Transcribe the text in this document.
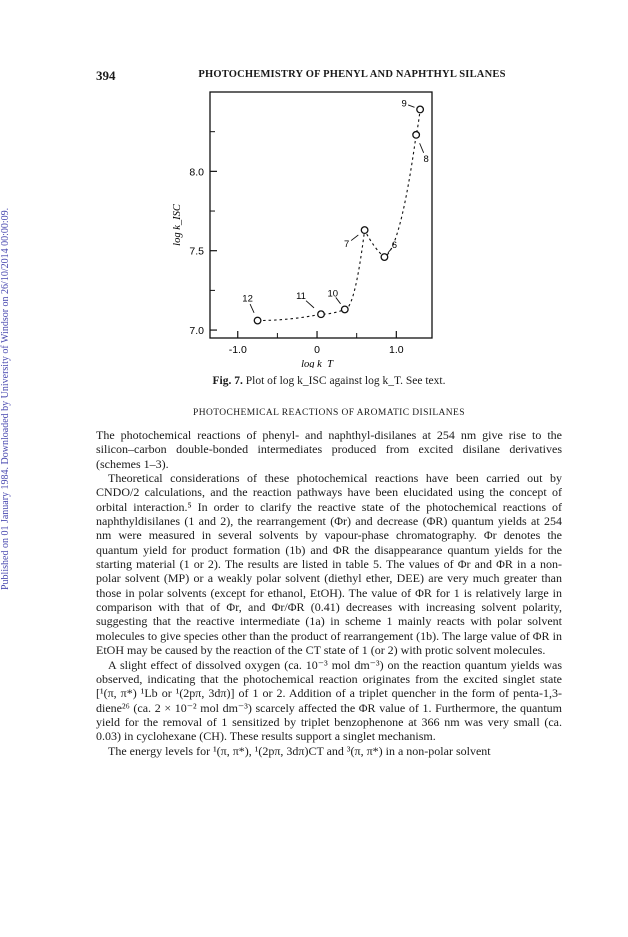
394	PHOTOCHEMISTRY OF PHENYL AND NAPHTHYL SILANES
Published on 01 January 1984. Downloaded by University of Windsor on 26/10/2014 00:00:09.	7.0
7.5
8.0
-1.0	0	1.0
log k_T
log k_ISC
12	11 10
7	6
8
9
Fig. 7. Plot of log k_ISC against log k_T. See text.
PHOTOCHEMICAL REACTIONS OF AROMATIC DISILANES

The photochemical reactions of phenyl- and naphthyl-disilanes at 254 nm give rise to the silicon–carbon double-bonded intermediates produced from excited disilane derivatives (schemes 1–3).

Theoretical considerations of these photochemical reactions have been carried out by CNDO/2 calculations, and the reaction pathways have been elucidated using the concept of orbital interaction.⁵ In order to clarify the reactive state of the photochemical reactions of naphthyldisilanes (1 and 2), the rearrangement (Φr) and decrease (ΦR) quantum yields at 254 nm were measured in several solvents by vapour-phase chromatography. Φr denotes the quantum yield for product formation (1b) and ΦR the disappearance quantum yields for the starting material (1 or 2). The results are listed in table 5. The values of Φr and ΦR in a non-polar solvent (MP) or a weakly polar solvent (diethyl ether, DEE) are very much greater than those in polar solvents (except for ethanol, EtOH). The value of ΦR for 1 is relatively large in comparison with that of Φr, and Φr/ΦR (0.41) decreases with increasing solvent polarity, suggesting that the reactive intermediate (1a) in scheme 1 mainly reacts with polar solvent molecules to give species other than the product of rearrangement (1b). The large value of ΦR in EtOH may be caused by the reaction of the CT state of 1 (or 2) with protic solvent molecules.

A slight effect of dissolved oxygen (ca. 10⁻³ mol dm⁻³) on the reaction quantum yields was observed, indicating that the photochemical reaction originates from the excited singlet state [¹(π, π*) ¹Lb or ¹(2pπ, 3dπ)] of 1 or 2. Addition of a triplet quencher in the form of penta-1,3-diene²⁶ (ca. 2 × 10⁻² mol dm⁻³) scarcely affected the ΦR value of 1. Furthermore, the quantum yield for the removal of 1 sensitized by triplet benzophenone at 366 nm was very small (ca. 0.03) in cyclohexane (CH). These results support a singlet mechanism.

The energy levels for ¹(π, π*), ¹(2pπ, 3dπ)CT and ³(π, π*) in a non-polar solvent
